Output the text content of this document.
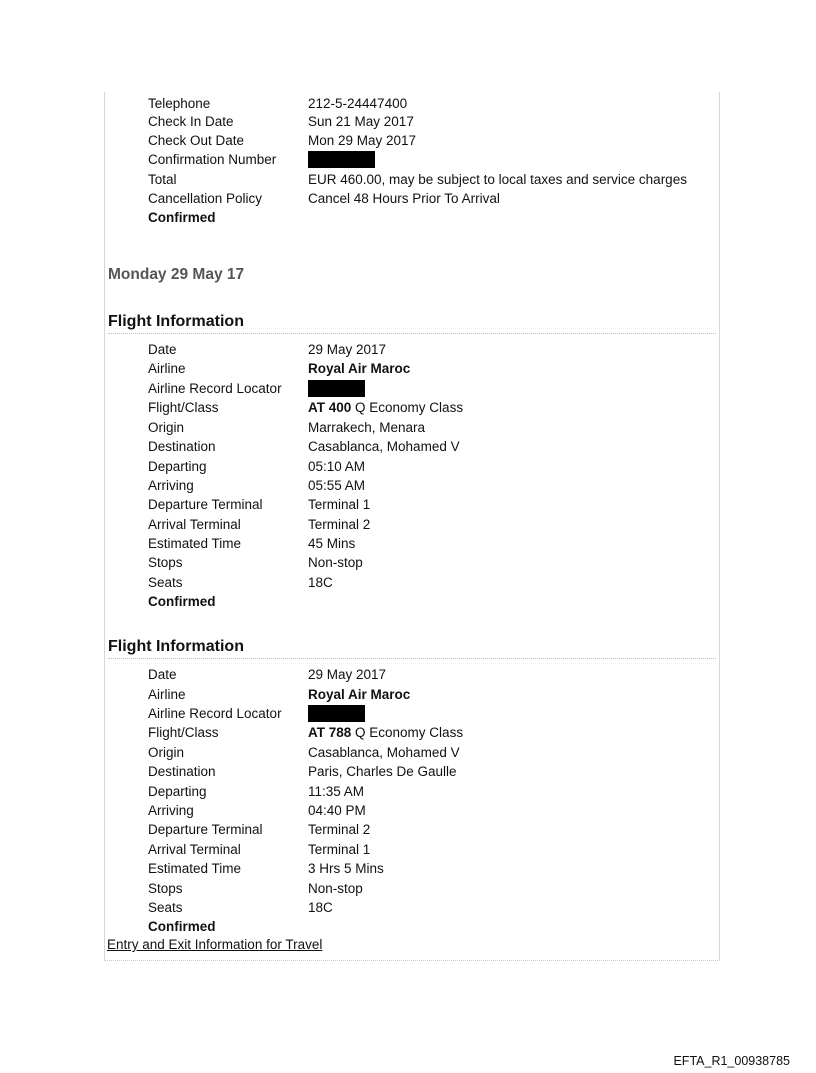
Telephone	212-5-24447400
Check In Date	Sun 21 May 2017
Check Out Date	Mon 29 May 2017
Confirmation Number
Total	EUR 460.00, may be subject to local taxes and service charges
Cancellation Policy	Cancel 48 Hours Prior To Arrival
Confirmed
Monday 29 May 17
Flight Information
Date	29 May 2017
Airline	Royal Air Maroc
Airline Record Locator
Flight/Class	AT 400 Q Economy Class
Origin	Marrakech, Menara
Destination	Casablanca, Mohamed V
Departing	05:10 AM
Arriving	05:55 AM
Departure Terminal	Terminal 1
Arrival Terminal	Terminal 2
Estimated Time	45 Mins
Stops	Non-stop
Seats	18C
Confirmed
Flight Information
Date	29 May 2017
Airline	Royal Air Maroc
Airline Record Locator
Flight/Class	AT 788 Q Economy Class
Origin	Casablanca, Mohamed V
Destination	Paris, Charles De Gaulle
Departing	11:35 AM
Arriving	04:40 PM
Departure Terminal	Terminal 2
Arrival Terminal	Terminal 1
Estimated Time	3 Hrs 5 Mins
Stops	Non-stop
Seats	18C
Confirmed
Entry and Exit Information for Travel
EFTA_R1_00938785
